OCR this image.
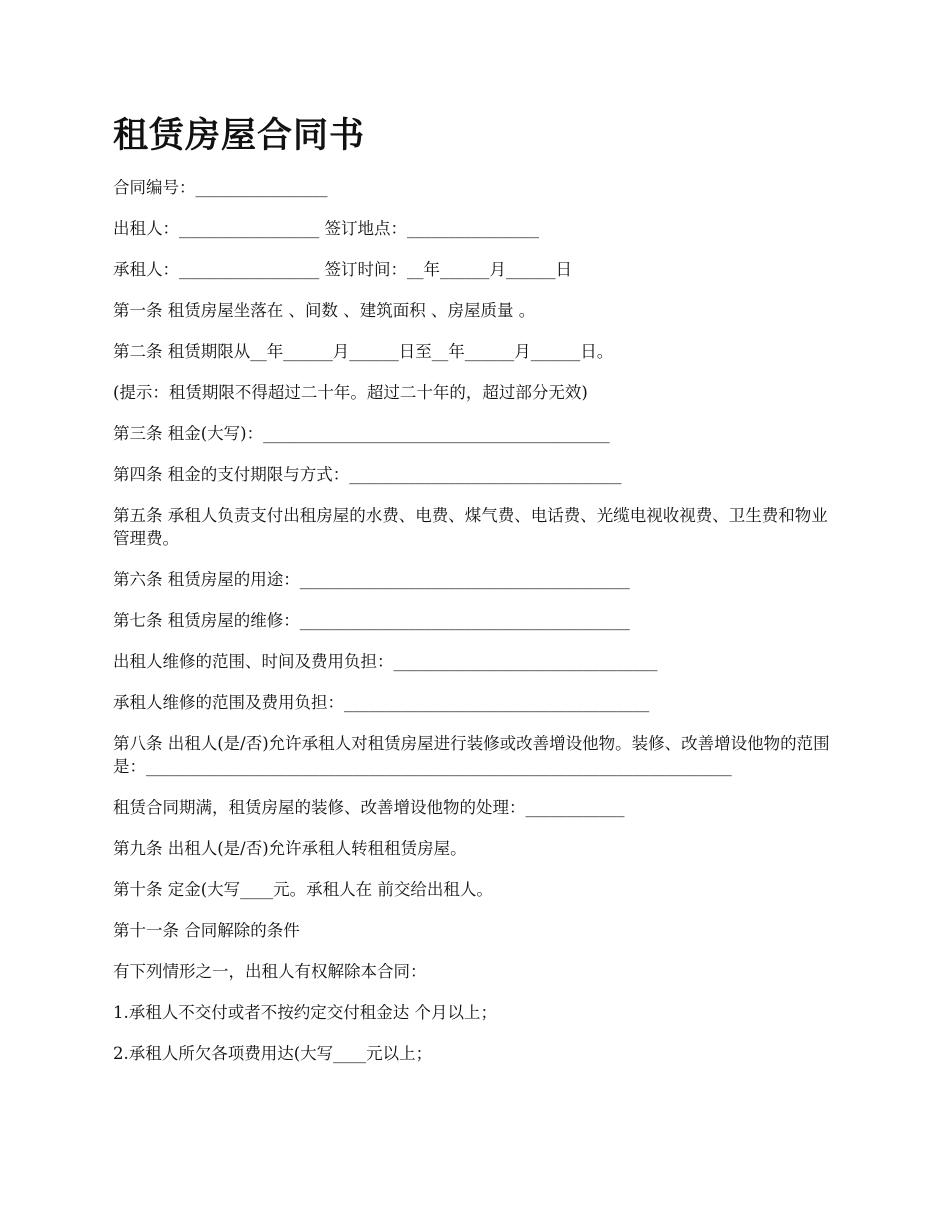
租赁房屋合同书
合同编号：________________
出租人：_________________ 签订地点：________________
承租人：_________________ 签订时间：__年______月______日
第一条 租赁房屋坐落在 、间数 、建筑面积 、房屋质量 。
第二条 租赁期限从__年______月______日至__年______月______日。
(提示：租赁期限不得超过二十年。超过二十年的，超过部分无效)
第三条 租金(大写)：__________________________________________
第四条 租金的支付期限与方式：_________________________________
第五条 承租人负责支付出租房屋的水费、电费、煤气费、电话费、光缆电视收视费、卫生费和物业管理费。
第六条 租赁房屋的用途：________________________________________
第七条 租赁房屋的维修：________________________________________
出租人维修的范围、时间及费用负担：________________________________
承租人维修的范围及费用负担：_____________________________________
第八条 出租人(是/否)允许承租人对租赁房屋进行装修或改善增设他物。装修、改善增设他物的范围是：_______________________________________________________________________
租赁合同期满，租赁房屋的装修、改善增设他物的处理：____________
第九条 出租人(是/否)允许承租人转租租赁房屋。
第十条 定金(大写____元。承租人在 前交给出租人。
第十一条 合同解除的条件
有下列情形之一，出租人有权解除本合同：
1.承租人不交付或者不按约定交付租金达 个月以上；
2.承租人所欠各项费用达(大写____元以上；
